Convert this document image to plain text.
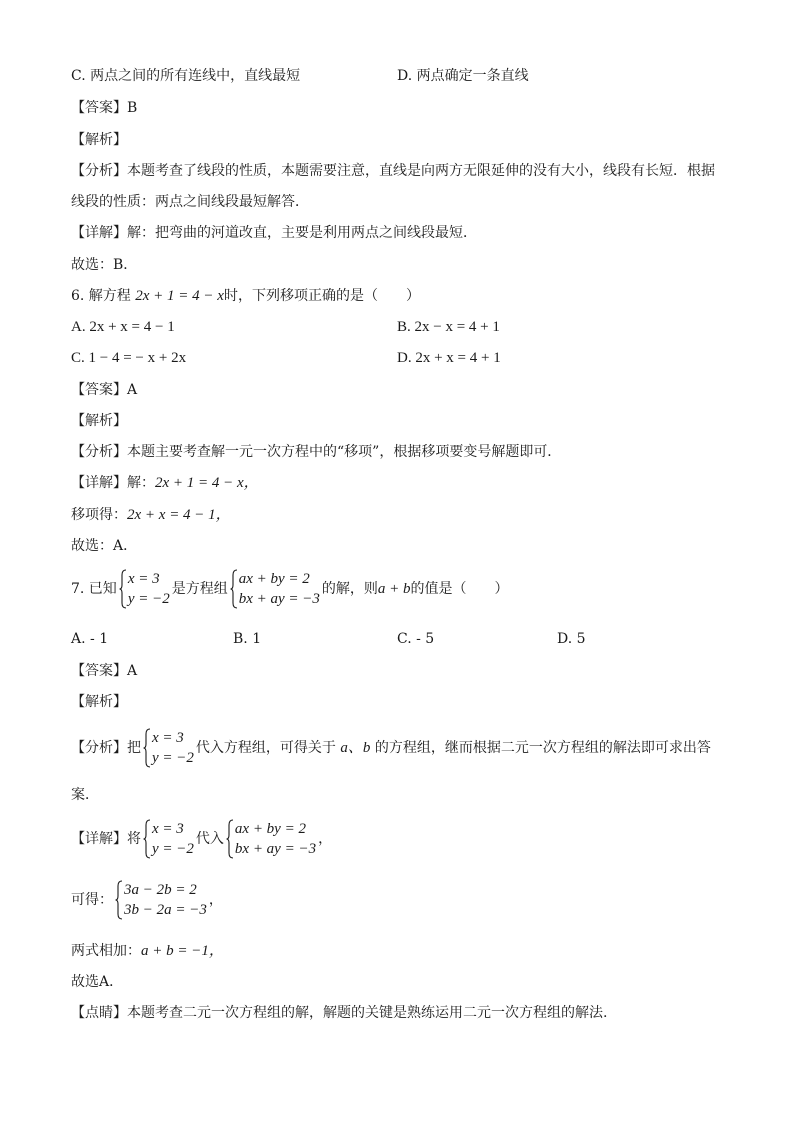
C. 两点之间的所有连线中，直线最短	D. 两点确定一条直线
【答案】B
【解析】
【分析】本题考查了线段的性质，本题需要注意，直线是向两方无限延伸的没有大小，线段有长短．根据
线段的性质：两点之间线段最短解答．
【详解】解：把弯曲的河道改直，主要是利用两点之间线段最短．
故选：B．
6. 解方程 2x + 1 = 4 − x时，下列移项正确的是（　　）
A. 2x + x = 4 − 1	B. 2x − x = 4 + 1
C. 1 − 4 = − x + 2x	D. 2x + x = 4 + 1
【答案】A
【解析】
【分析】本题主要考查解一元一次方程中的“移项”，根据移项要变号解题即可．
【详解】解：2x + 1 = 4 − x，
移项得：2x + x = 4 − 1，
故选：A．
7. 已知
x = 3
y = −2
是方程组
ax + by = 2
bx + ay = −3
的解，则a + b的值是（　　）
A. - 1	B. 1	C. - 5	D. 5
【答案】A
【解析】
【分析】把
x = 3
y = −2
代入方程组，可得关于 a、b 的方程组，继而根据二元一次方程组的解法即可求出答
案．
【详解】将
x = 3
y = −2
代入
ax + by = 2
bx + ay = −3
，
可得：
3a − 2b = 2
3b − 2a = −3
，
两式相加：a + b = −1，
故选A．
【点睛】本题考查二元一次方程组的解，解题的关键是熟练运用二元一次方程组的解法.
